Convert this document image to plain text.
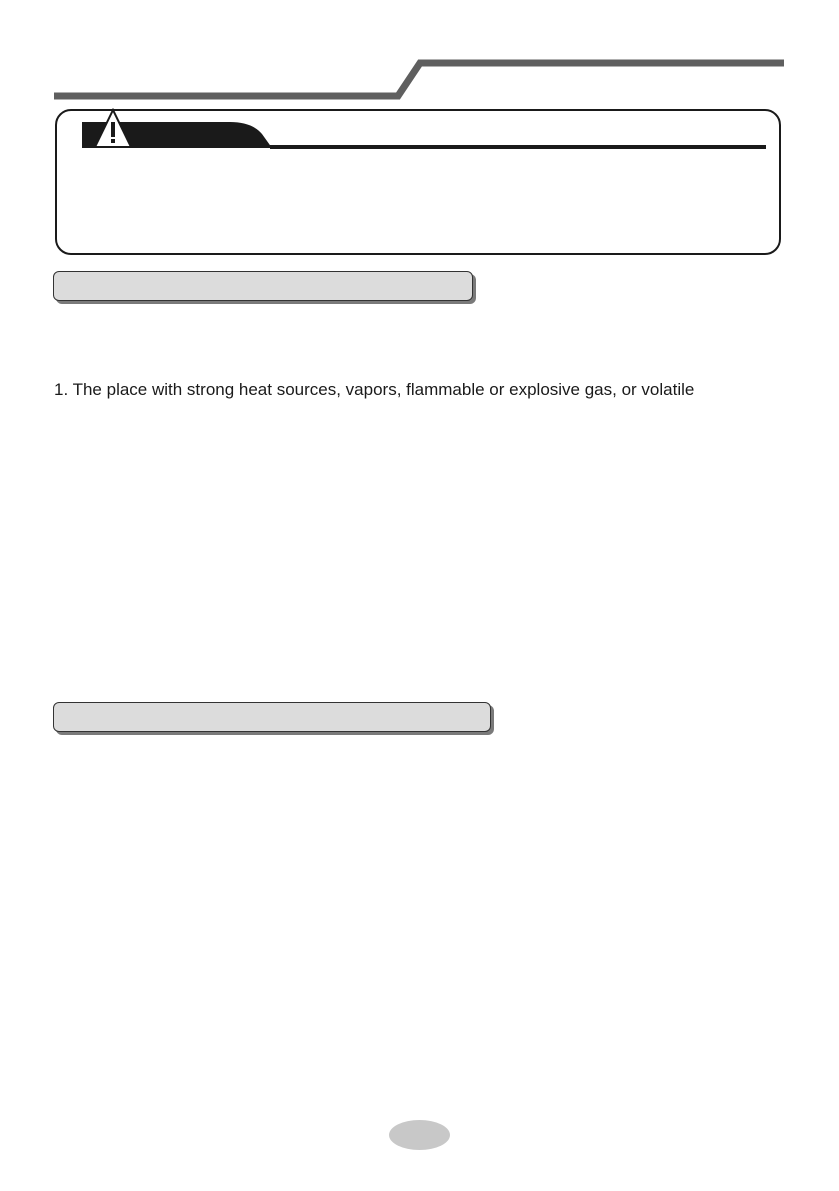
1. The place with strong heat sources, vapors, flammable or explosive gas, or volatile
